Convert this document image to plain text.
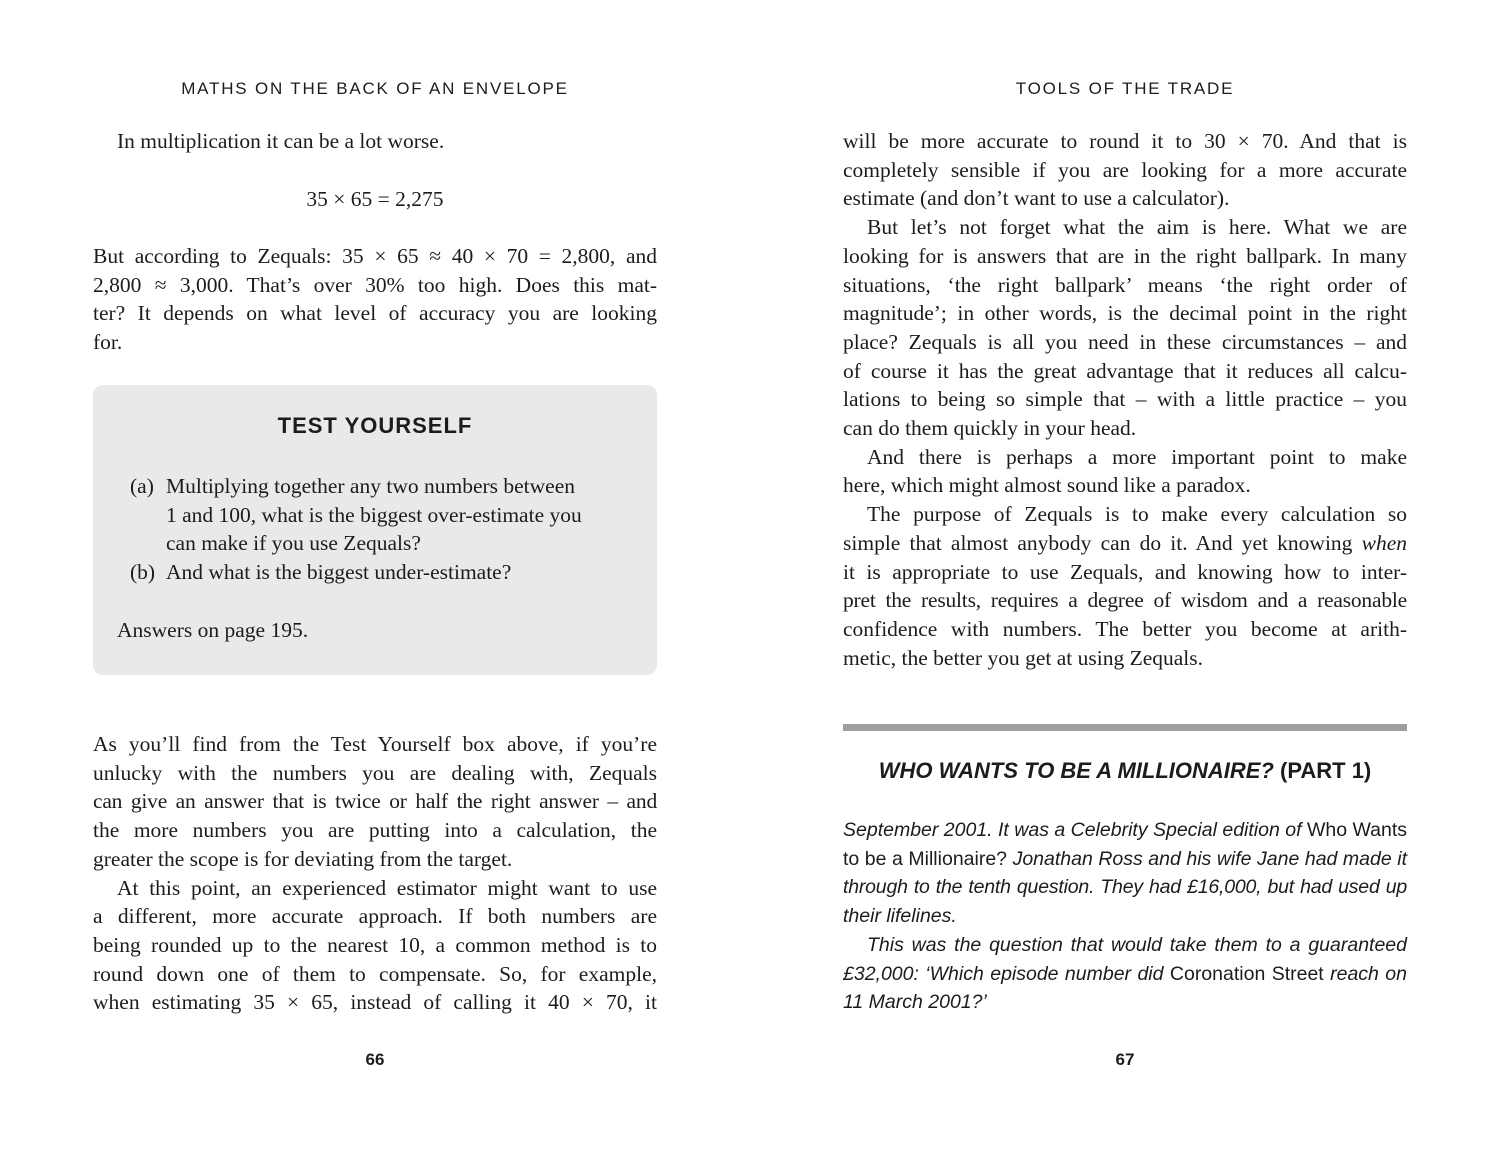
MATHS ON THE BACK OF AN ENVELOPE

In multiplication it can be a lot worse.

35 × 65 = 2,275

But according to Zequals: 35 × 65 ≈ 40 × 70 = 2,800, and

2,800 ≈ 3,000. That’s over 30% too high. Does this mat-

ter? It depends on what level of accuracy you are looking

for.

TEST YOURSELF
(a) Multiplying together any two numbers between
1 and 100, what is the biggest over-estimate you
can make if you use Zequals?
(b) And what is the biggest under-estimate?
Answers on page 195.

As you’ll find from the Test Yourself box above, if you’re

unlucky with the numbers you are dealing with, Zequals

can give an answer that is twice or half the right answer – and

the more numbers you are putting into a calculation, the

greater the scope is for deviating from the target.

At this point, an experienced estimator might want to use

a different, more accurate approach. If both numbers are

being rounded up to the nearest 10, a common method is to

round down one of them to compensate. So, for example,

when estimating 35 × 65, instead of calling it 40 × 70, it

66
TOOLS OF THE TRADE

will be more accurate to round it to 30 × 70. And that is

completely sensible if you are looking for a more accurate

estimate (and don’t want to use a calculator).

But let’s not forget what the aim is here. What we are

looking for is answers that are in the right ballpark. In many

situations, ‘the right ballpark’ means ‘the right order of

magnitude’; in other words, is the decimal point in the right

place? Zequals is all you need in these circumstances – and

of course it has the great advantage that it reduces all calcu-

lations to being so simple that – with a little practice – you

can do them quickly in your head.

And there is perhaps a more important point to make

here, which might almost sound like a paradox.

The purpose of Zequals is to make every calculation so

simple that almost anybody can do it. And yet knowing when

it is appropriate to use Zequals, and knowing how to inter-

pret the results, requires a degree of wisdom and a reasonable

confidence with numbers. The better you become at arith-

metic, the better you get at using Zequals.

WHO WANTS TO BE A MILLIONAIRE? (PART 1)

September 2001. It was a Celebrity Special edition of Who Wants

to be a Millionaire? Jonathan Ross and his wife Jane had made it

through to the tenth question. They had £16,000, but had used up

their lifelines.

This was the question that would take them to a guaranteed

£32,000: ‘Which episode number did Coronation Street reach on

11 March 2001?’

67
